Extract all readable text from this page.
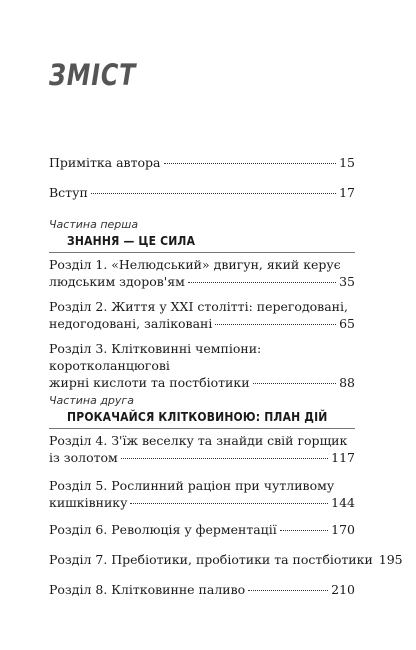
ЗМІСТ
Примітка автора	15
Вступ	17
Частина перша
ЗНАННЯ — ЦЕ СИЛА
Розділ 1. «Нелюдський» двигун, який керує
людським здоров'ям	35
Розділ 2. Життя у XXI столітті: перегодовані,
недогодовані, заліковані	65
Розділ 3. Клітковинні чемпіони: коротколанцюгові
жирні кислоти та постбіотики	88
Частина друга
ПРОКАЧАЙСЯ КЛІТКОВИНОЮ: ПЛАН ДІЙ
Розділ 4. З'їж веселку та знайди свій горщик
із золотом	117
Розділ 5. Рослинний раціон при чутливому
кишківнику	144
Розділ 6. Революція у ферментації	170
Розділ 7. Пребіотики, пробіотики та постбіотики 195
Розділ 8. Клітковинне паливо	210
